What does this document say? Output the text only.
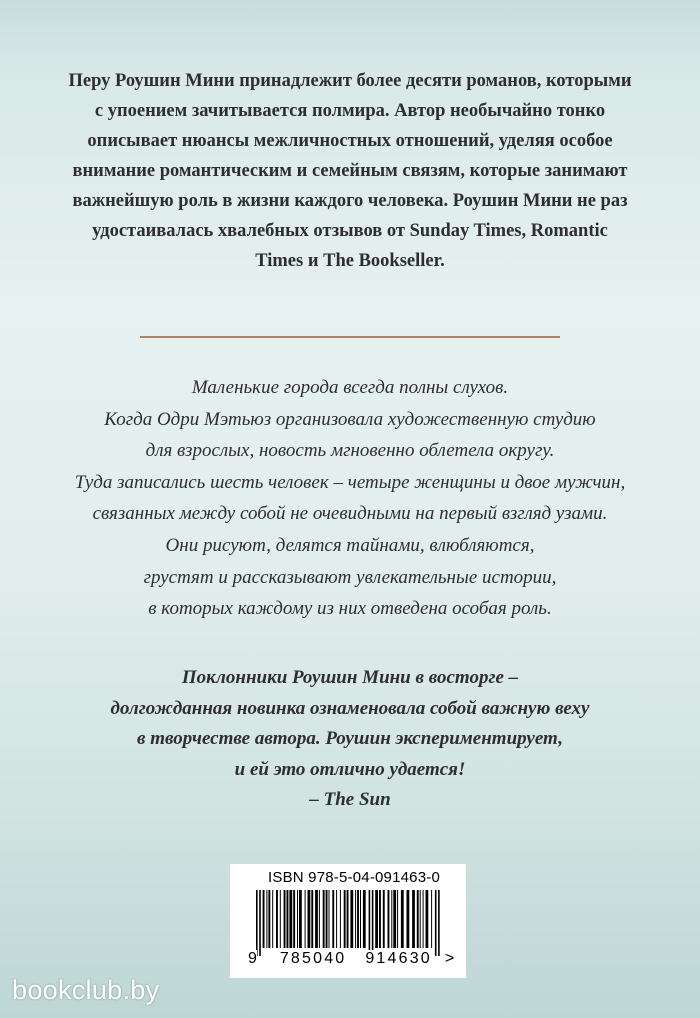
Перу Роушин Мини принадлежит более десяти романов, которыми
с упоением зачитывается полмира. Автор необычайно тонко
описывает нюансы межличностных отношений, уделяя особое
внимание романтическим и семейным связям, которые занимают
важнейшую роль в жизни каждого человека. Роушин Мини не раз
удостаивалась хвалебных отзывов от Sunday Times, Romantic
Times и The Bookseller.
Маленькие города всегда полны слухов.
Когда Одри Мэтьюз организовала художественную студию
для взрослых, новость мгновенно облетела округу.
Туда записались шесть человек – четыре женщины и двое мужчин,
связанных между собой не очевидными на первый взгляд узами.
Они рисуют, делятся тайнами, влюбляются,
грустят и рассказывают увлекательные истории,
в которых каждому из них отведена особая роль.
Поклонники Роушин Мини в восторге –
долгожданная новинка ознаменовала собой важную веху
в творчестве автора. Роушин экспериментирует,
и ей это отлично удается!
– The Sun
ISBN 978-5-04-091463-0
9 785040 914630 >
bookclub.by
